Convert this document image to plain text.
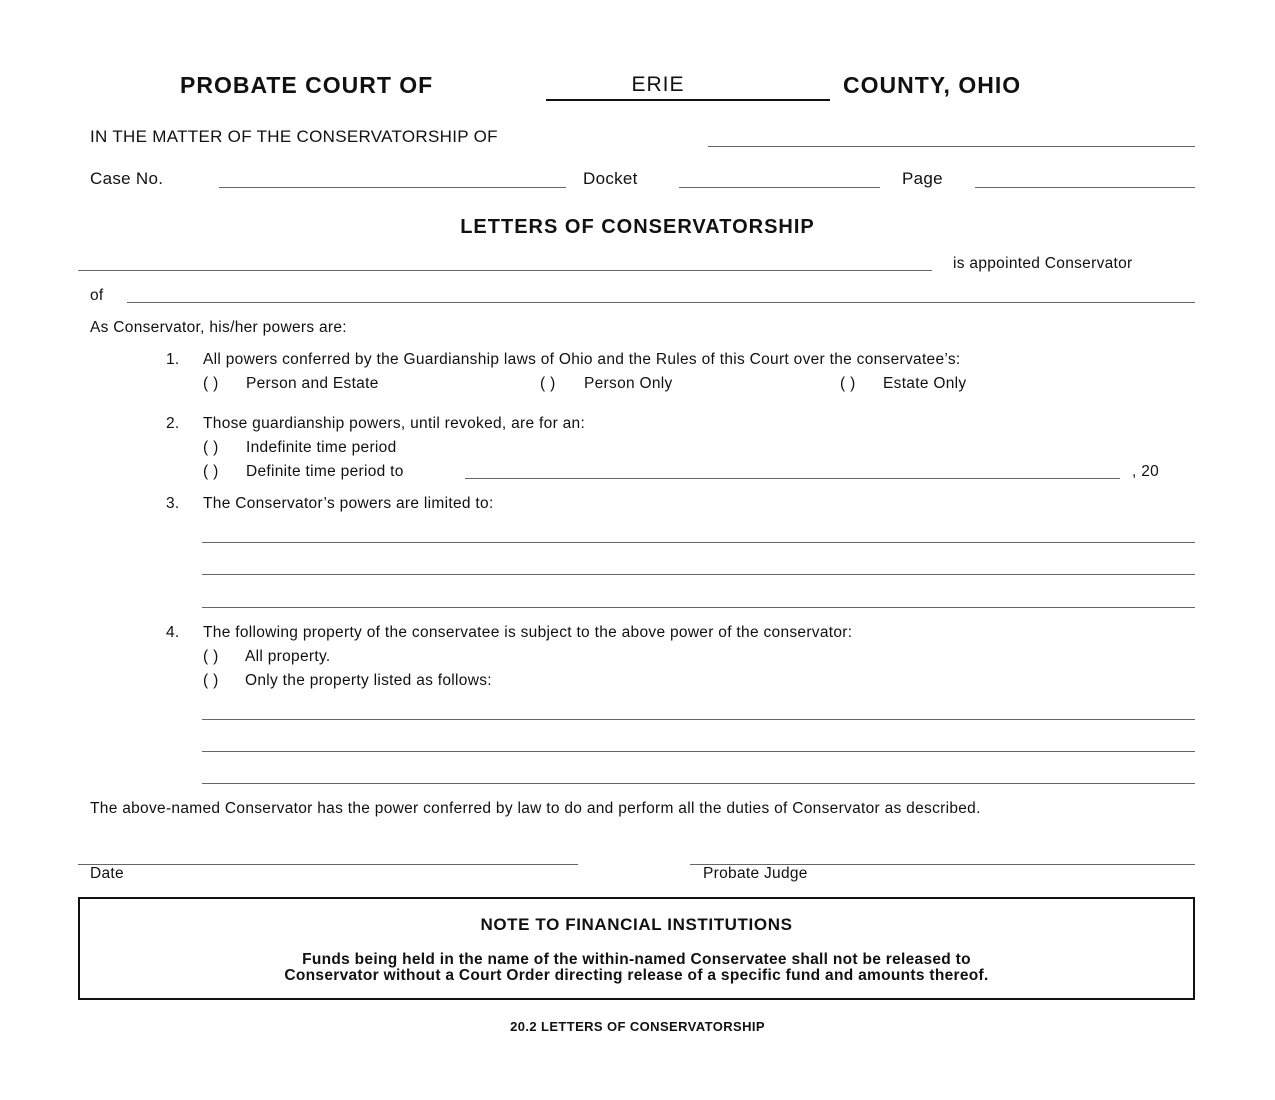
PROBATE COURT OF	ERIE	COUNTY, OHIO
IN THE MATTER OF THE CONSERVATORSHIP OF
Case No.	Docket	Page
LETTERS OF CONSERVATORSHIP
is appointed Conservator
of
As Conservator, his/her powers are:
1. All powers conferred by the Guardianship laws of Ohio and the Rules of this Court over the conservatee’s:
( ) Person and Estate	( ) Person Only	( ) Estate Only
2. Those guardianship powers, until revoked, are for an:
( ) Indefinite time period
( ) Definite time period to	, 20
3. The Conservator’s powers are limited to:
4. The following property of the conservatee is subject to the above power of the conservator:
( ) All property.
( ) Only the property listed as follows:
The above-named Conservator has the power conferred by law to do and perform all the duties of Conservator as described.
Date	Probate Judge
NOTE TO FINANCIAL INSTITUTIONS
Funds being held in the name of the within-named Conservatee shall not be released to
Conservator without a Court Order directing release of a specific fund and amounts thereof.
20.2 LETTERS OF CONSERVATORSHIP
